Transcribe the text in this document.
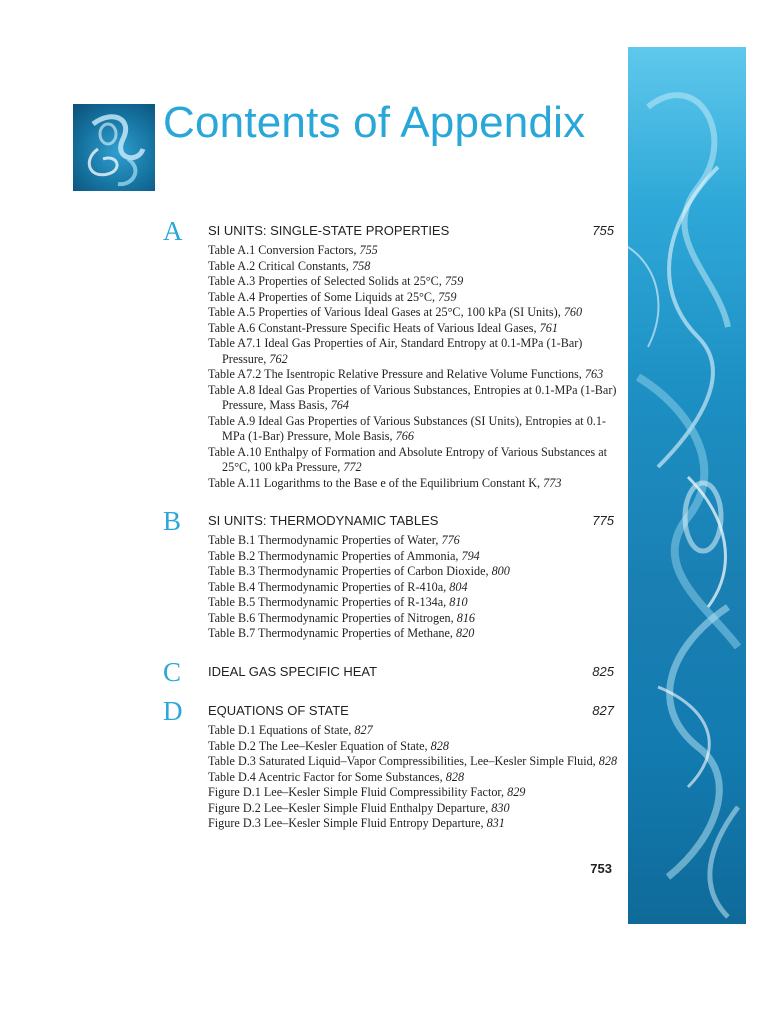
Contents of Appendix
A SI UNITS: SINGLE-STATE PROPERTIES	755
Table A.1 Conversion Factors, 755
Table A.2 Critical Constants, 758
Table A.3 Properties of Selected Solids at 25°C, 759
Table A.4 Properties of Some Liquids at 25°C, 759
Table A.5 Properties of Various Ideal Gases at 25°C, 100 kPa (SI Units), 760
Table A.6 Constant-Pressure Specific Heats of Various Ideal Gases, 761
Table A7.1 Ideal Gas Properties of Air, Standard Entropy at 0.1-MPa (1-Bar) Pressure, 762
Table A7.2 The Isentropic Relative Pressure and Relative Volume Functions, 763
Table A.8 Ideal Gas Properties of Various Substances, Entropies at 0.1-MPa (1-Bar) Pressure, Mass Basis, 764
Table A.9 Ideal Gas Properties of Various Substances (SI Units), Entropies at 0.1-MPa (1-Bar) Pressure, Mole Basis, 766
Table A.10 Enthalpy of Formation and Absolute Entropy of Various Substances at 25°C, 100 kPa Pressure, 772
Table A.11 Logarithms to the Base e of the Equilibrium Constant K, 773
B SI UNITS: THERMODYNAMIC TABLES	775
Table B.1 Thermodynamic Properties of Water, 776
Table B.2 Thermodynamic Properties of Ammonia, 794
Table B.3 Thermodynamic Properties of Carbon Dioxide, 800
Table B.4 Thermodynamic Properties of R-410a, 804
Table B.5 Thermodynamic Properties of R-134a, 810
Table B.6 Thermodynamic Properties of Nitrogen, 816
Table B.7 Thermodynamic Properties of Methane, 820
C IDEAL GAS SPECIFIC HEAT	825
D EQUATIONS OF STATE	827
Table D.1 Equations of State, 827
Table D.2 The Lee–Kesler Equation of State, 828
Table D.3 Saturated Liquid–Vapor Compressibilities, Lee–Kesler Simple Fluid, 828
Table D.4 Acentric Factor for Some Substances, 828
Figure D.1 Lee–Kesler Simple Fluid Compressibility Factor, 829
Figure D.2 Lee–Kesler Simple Fluid Enthalpy Departure, 830
Figure D.3 Lee–Kesler Simple Fluid Entropy Departure, 831
753
